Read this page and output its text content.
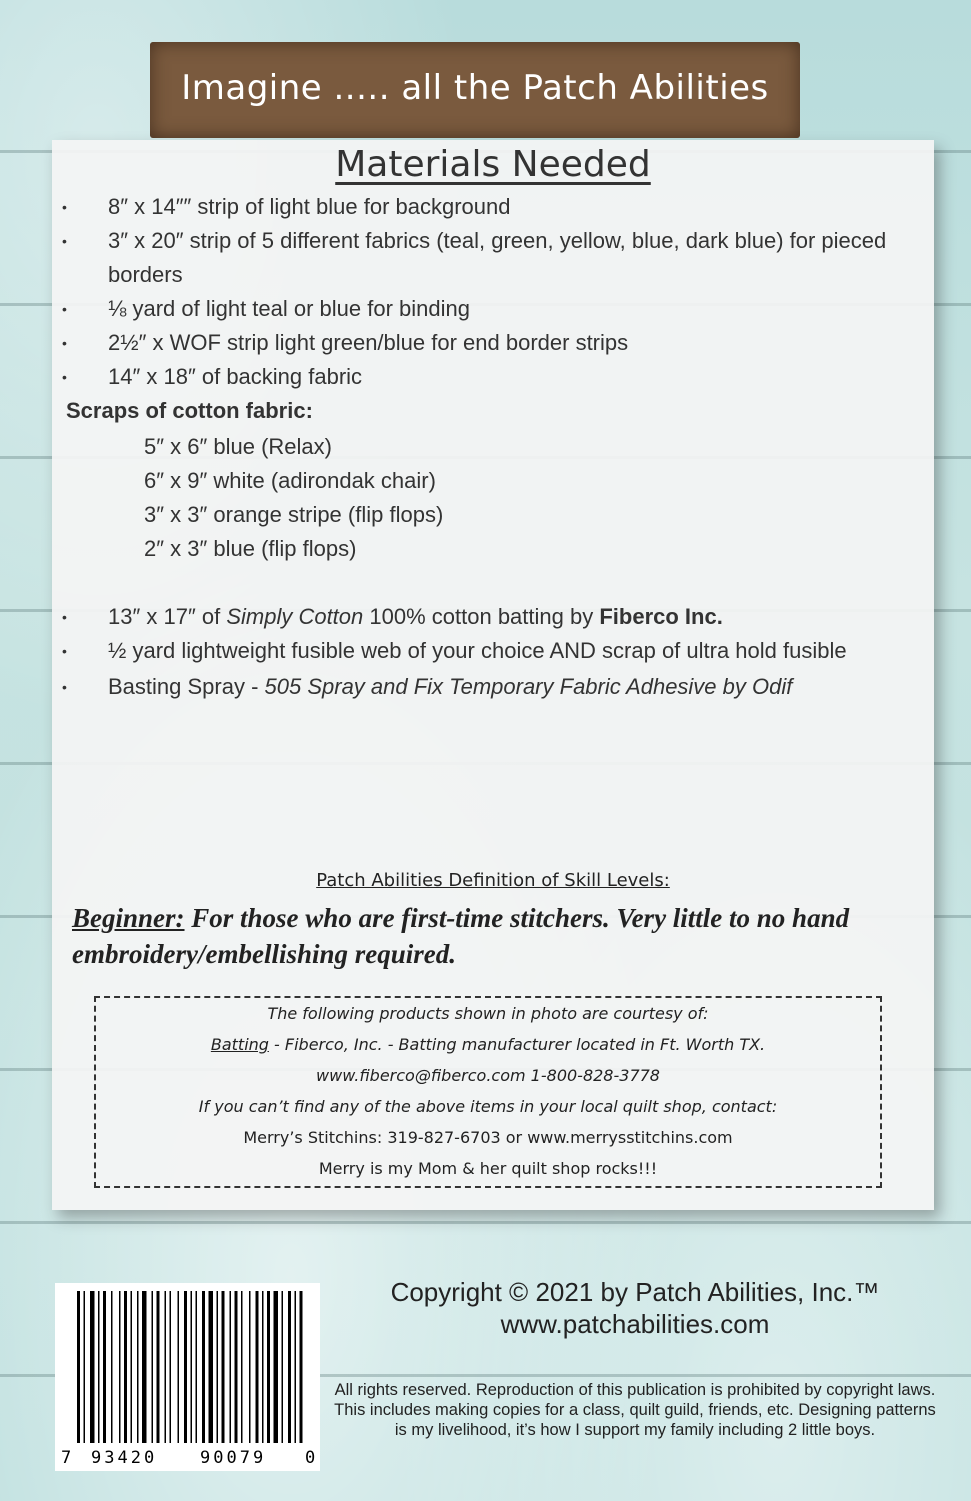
Imagine ..... all the Patch Abilities
Materials Needed
• 8″ x 14″″ strip of light blue for background
• 3″ x 20″ strip of 5 different fabrics (teal, green, yellow, blue, dark blue) for pieced borders
• ⅛ yard of light teal or blue for binding
• 2½″ x WOF strip light green/blue for end border strips
• 14″ x 18″ of backing fabric
Scraps of cotton fabric:
5″ x 6″ blue (Relax)
6″ x 9″ white (adirondak chair)
3″ x 3″ orange stripe (flip flops)
2″ x 3″ blue (flip flops)
• 13″ x 17″ of Simply Cotton 100% cotton batting by Fiberco Inc.
• ½ yard lightweight fusible web of your choice AND scrap of ultra hold fusible
• Basting Spray - 505 Spray and Fix Temporary Fabric Adhesive by Odif
Patch Abilities Definition of Skill Levels:
Beginner: For those who are first-time stitchers. Very little to no hand embroidery/embellishing required.
The following products shown in photo are courtesy of:
Batting - Fiberco, Inc. - Batting manufacturer located in Ft. Worth TX.
www.fiberco@fiberco.com 1-800-828-3778
If you can’t find any of the above items in your local quilt shop, contact:
Merry’s Stitchins: 319-827-6703 or www.merrysstitchins.com
Merry is my Mom & her quilt shop rocks!!!
7 93420	90079 0
Copyright © 2021 by Patch Abilities, Inc.™
www.patchabilities.com
All rights reserved. Reproduction of this publication is prohibited by copyright laws. This includes making copies for a class, quilt guild, friends, etc. Designing patterns is my livelihood, it’s how I support my family including 2 little boys.
